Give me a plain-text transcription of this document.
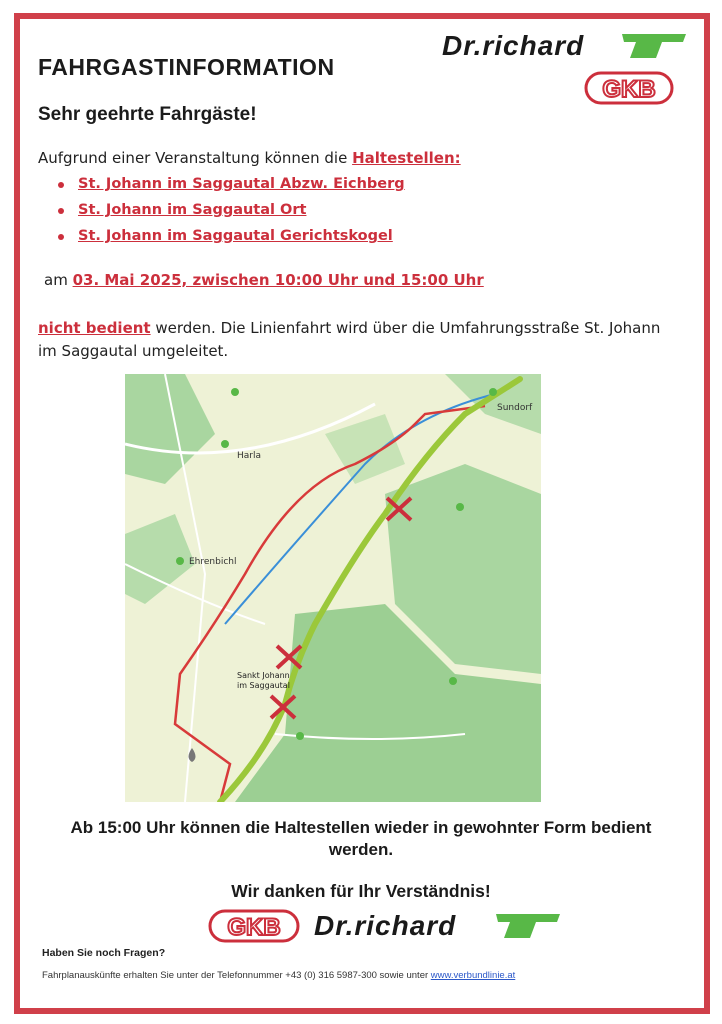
Dr.richard
GKB
FAHRGASTINFORMATION
Sehr geehrte Fahrgäste!
Aufgrund einer Veranstaltung können die Haltestellen:
St. Johann im Saggautal Abzw. Eichberg
St. Johann im Saggautal Ort
St. Johann im Saggautal Gerichtskogel
am 03. Mai 2025, zwischen 10:00 Uhr und 15:00 Uhr
nicht bedient werden. Die Linienfahrt wird über die Umfahrungsstraße St. Johann im Saggautal umgeleitet.
Harla
Ehrenbichl
Sankt Johann
im Saggautal
Sundorf
Ab 15:00 Uhr können die Haltestellen wieder in gewohnter Form bedient werden.
Wir danken für Ihr Verständnis!
GKB Dr.richard
Haben Sie noch Fragen?
Fahrplanauskünfte erhalten Sie unter der Telefonnummer +43 (0) 316 5987-300 sowie unter www.verbundlinie.at
